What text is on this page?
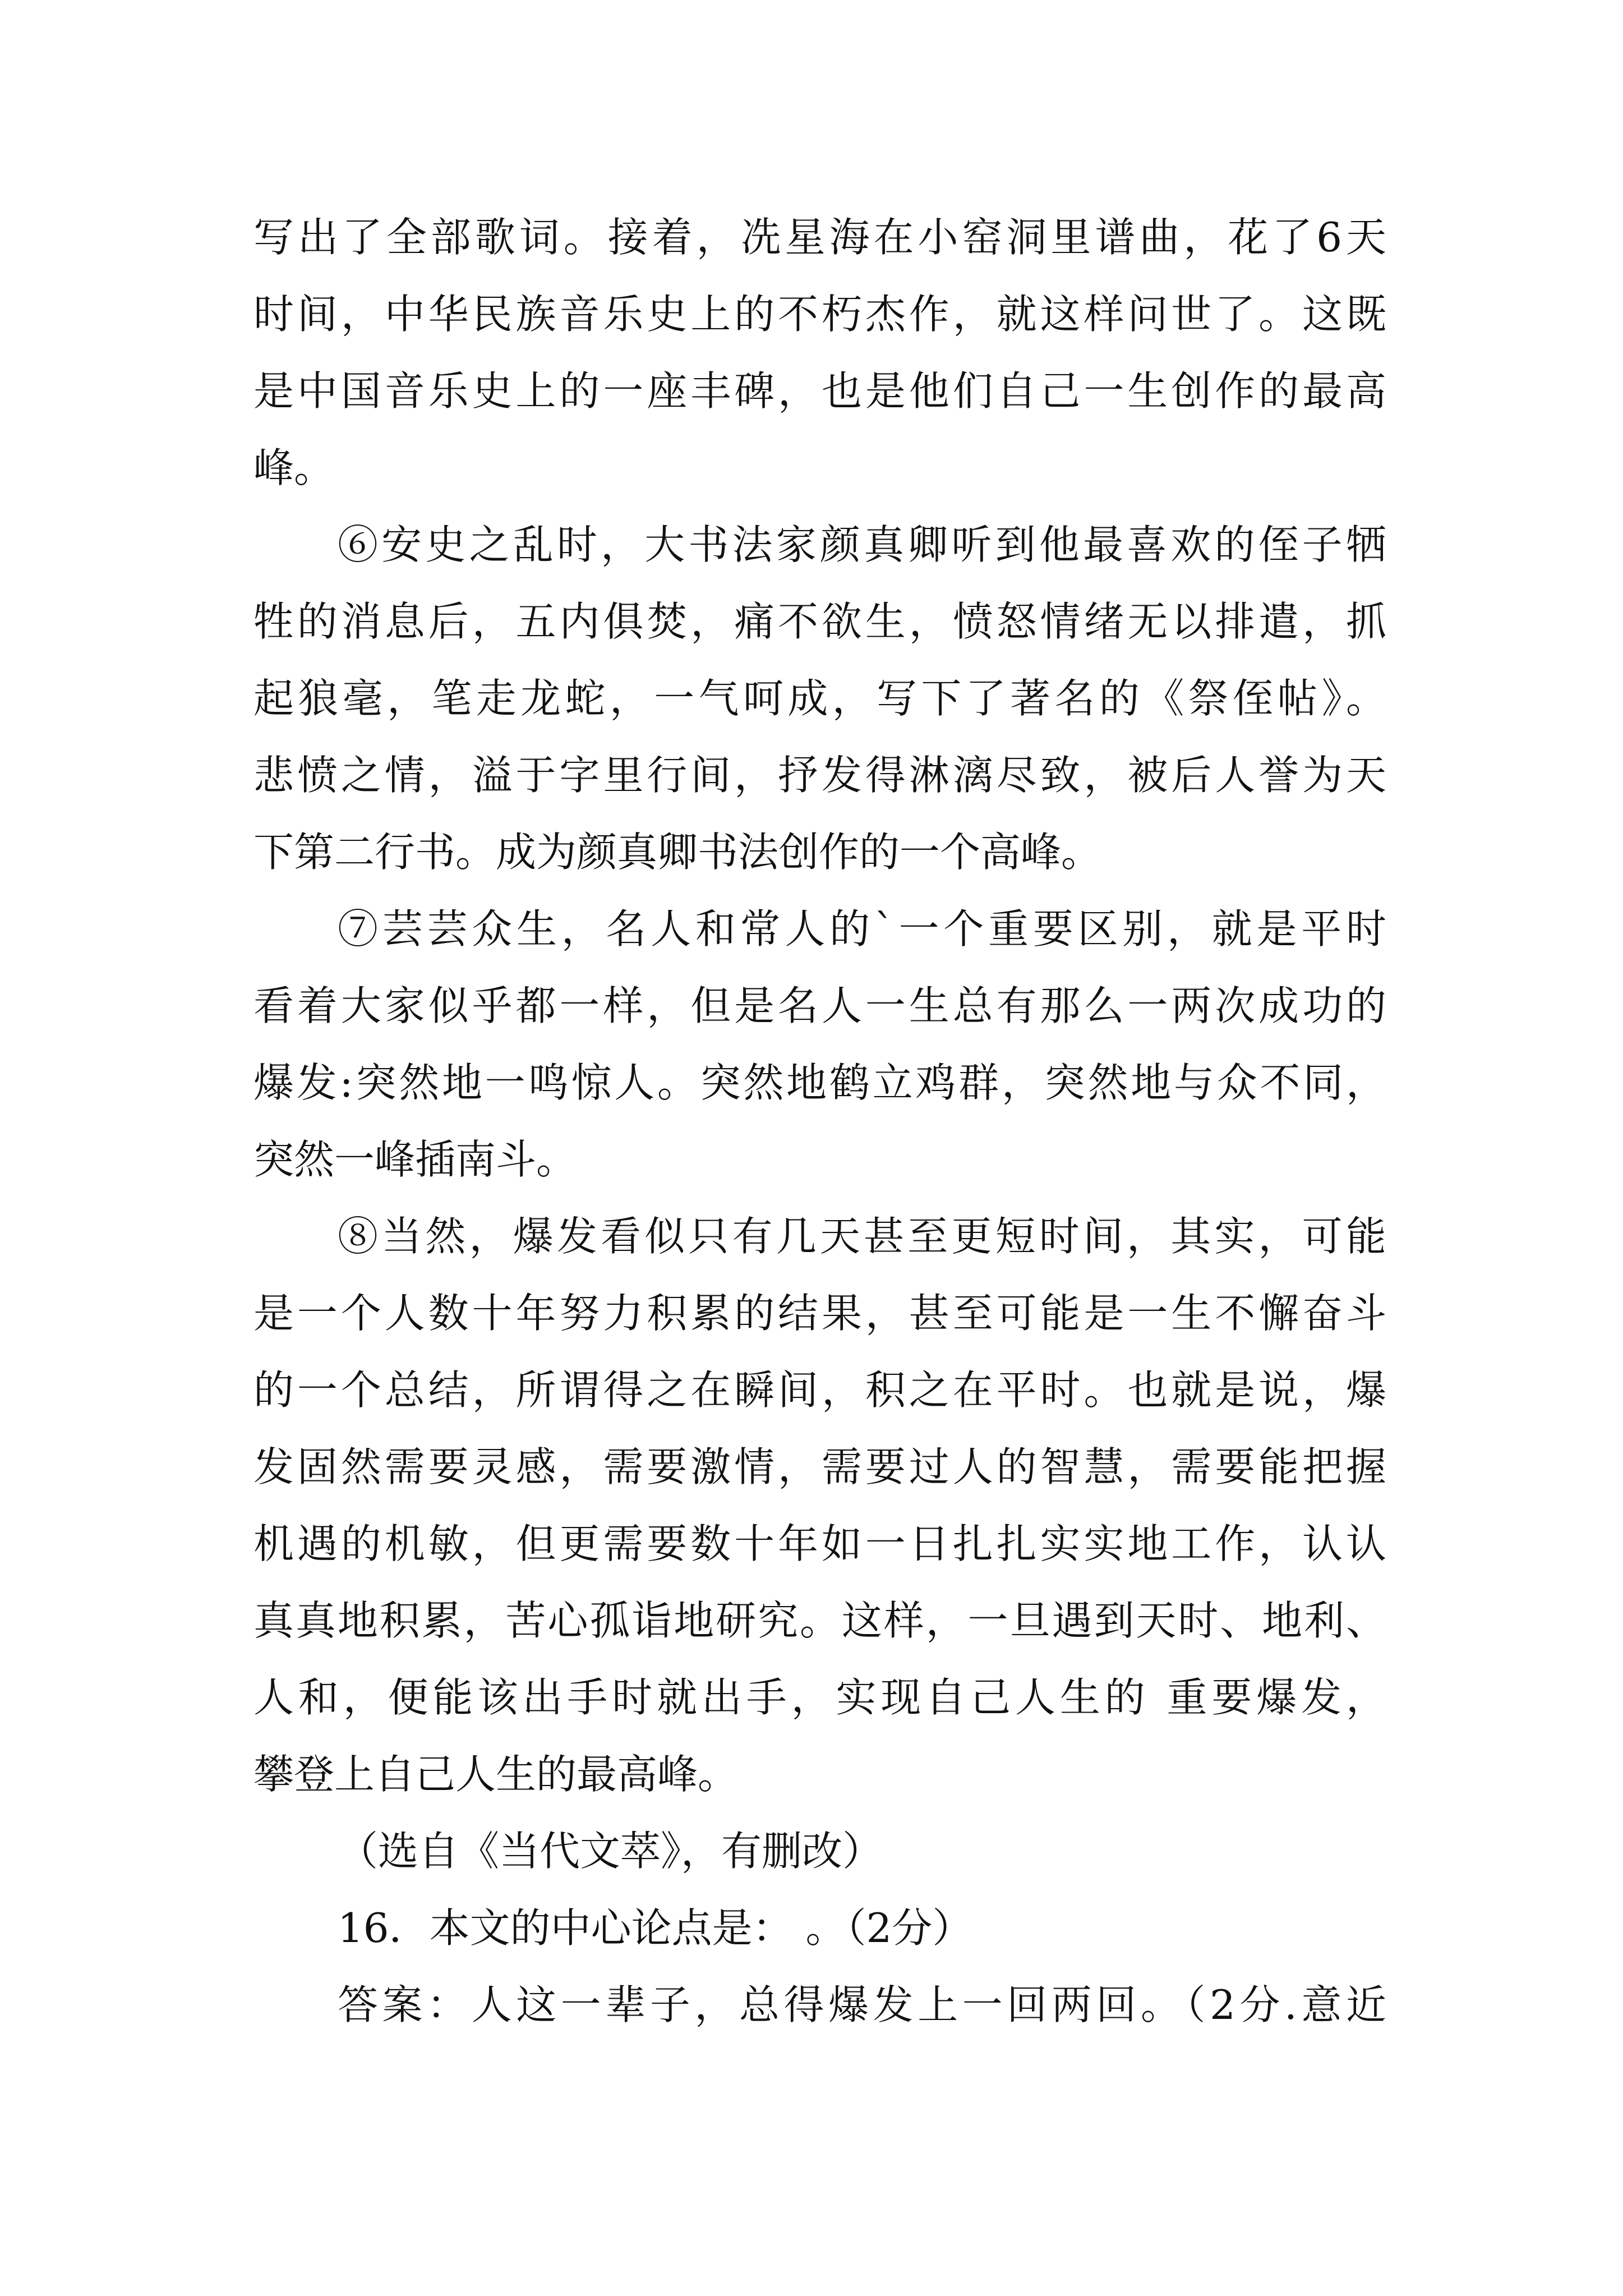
写出了全部歌词。接着，冼星海在小窑洞里谱曲，花了6天
时间，中华民族音乐史上的不朽杰作，就这样问世了。这既
是中国音乐史上的一座丰碑，也是他们自己一生创作的最高
峰。
⑥安史之乱时，大书法家颜真卿听到他最喜欢的侄子牺
牲的消息后，五内俱焚，痛不欲生，愤怒情绪无以排遣，抓
起狼毫，笔走龙蛇，一气呵成，写下了著名的《祭侄帖》。
悲愤之情，溢于字里行间，抒发得淋漓尽致，被后人誉为天
下第二行书。成为颜真卿书法创作的一个高峰。
⑦芸芸众生，名人和常人的`一个重要区别，就是平时
看着大家似乎都一样，但是名人一生总有那么一两次成功的
爆发:突然地一鸣惊人。突然地鹤立鸡群，突然地与众不同，
突然一峰插南斗。
⑧当然，爆发看似只有几天甚至更短时间，其实，可能
是一个人数十年努力积累的结果，甚至可能是一生不懈奋斗
的一个总结，所谓得之在瞬间，积之在平时。也就是说，爆
发固然需要灵感，需要激情，需要过人的智慧，需要能把握
机遇的机敏，但更需要数十年如一日扎扎实实地工作，认认
真真地积累，苦心孤诣地研究。这样，一旦遇到天时、地利、
人和，便能该出手时就出手，实现自己人生的 重要爆发，
攀登上自己人生的最高峰。
（选自《当代文萃》，有删改）
16．本文的中心论点是： 。（2分）
答案：人这一辈子，总得爆发上一回两回。（2分.意近
